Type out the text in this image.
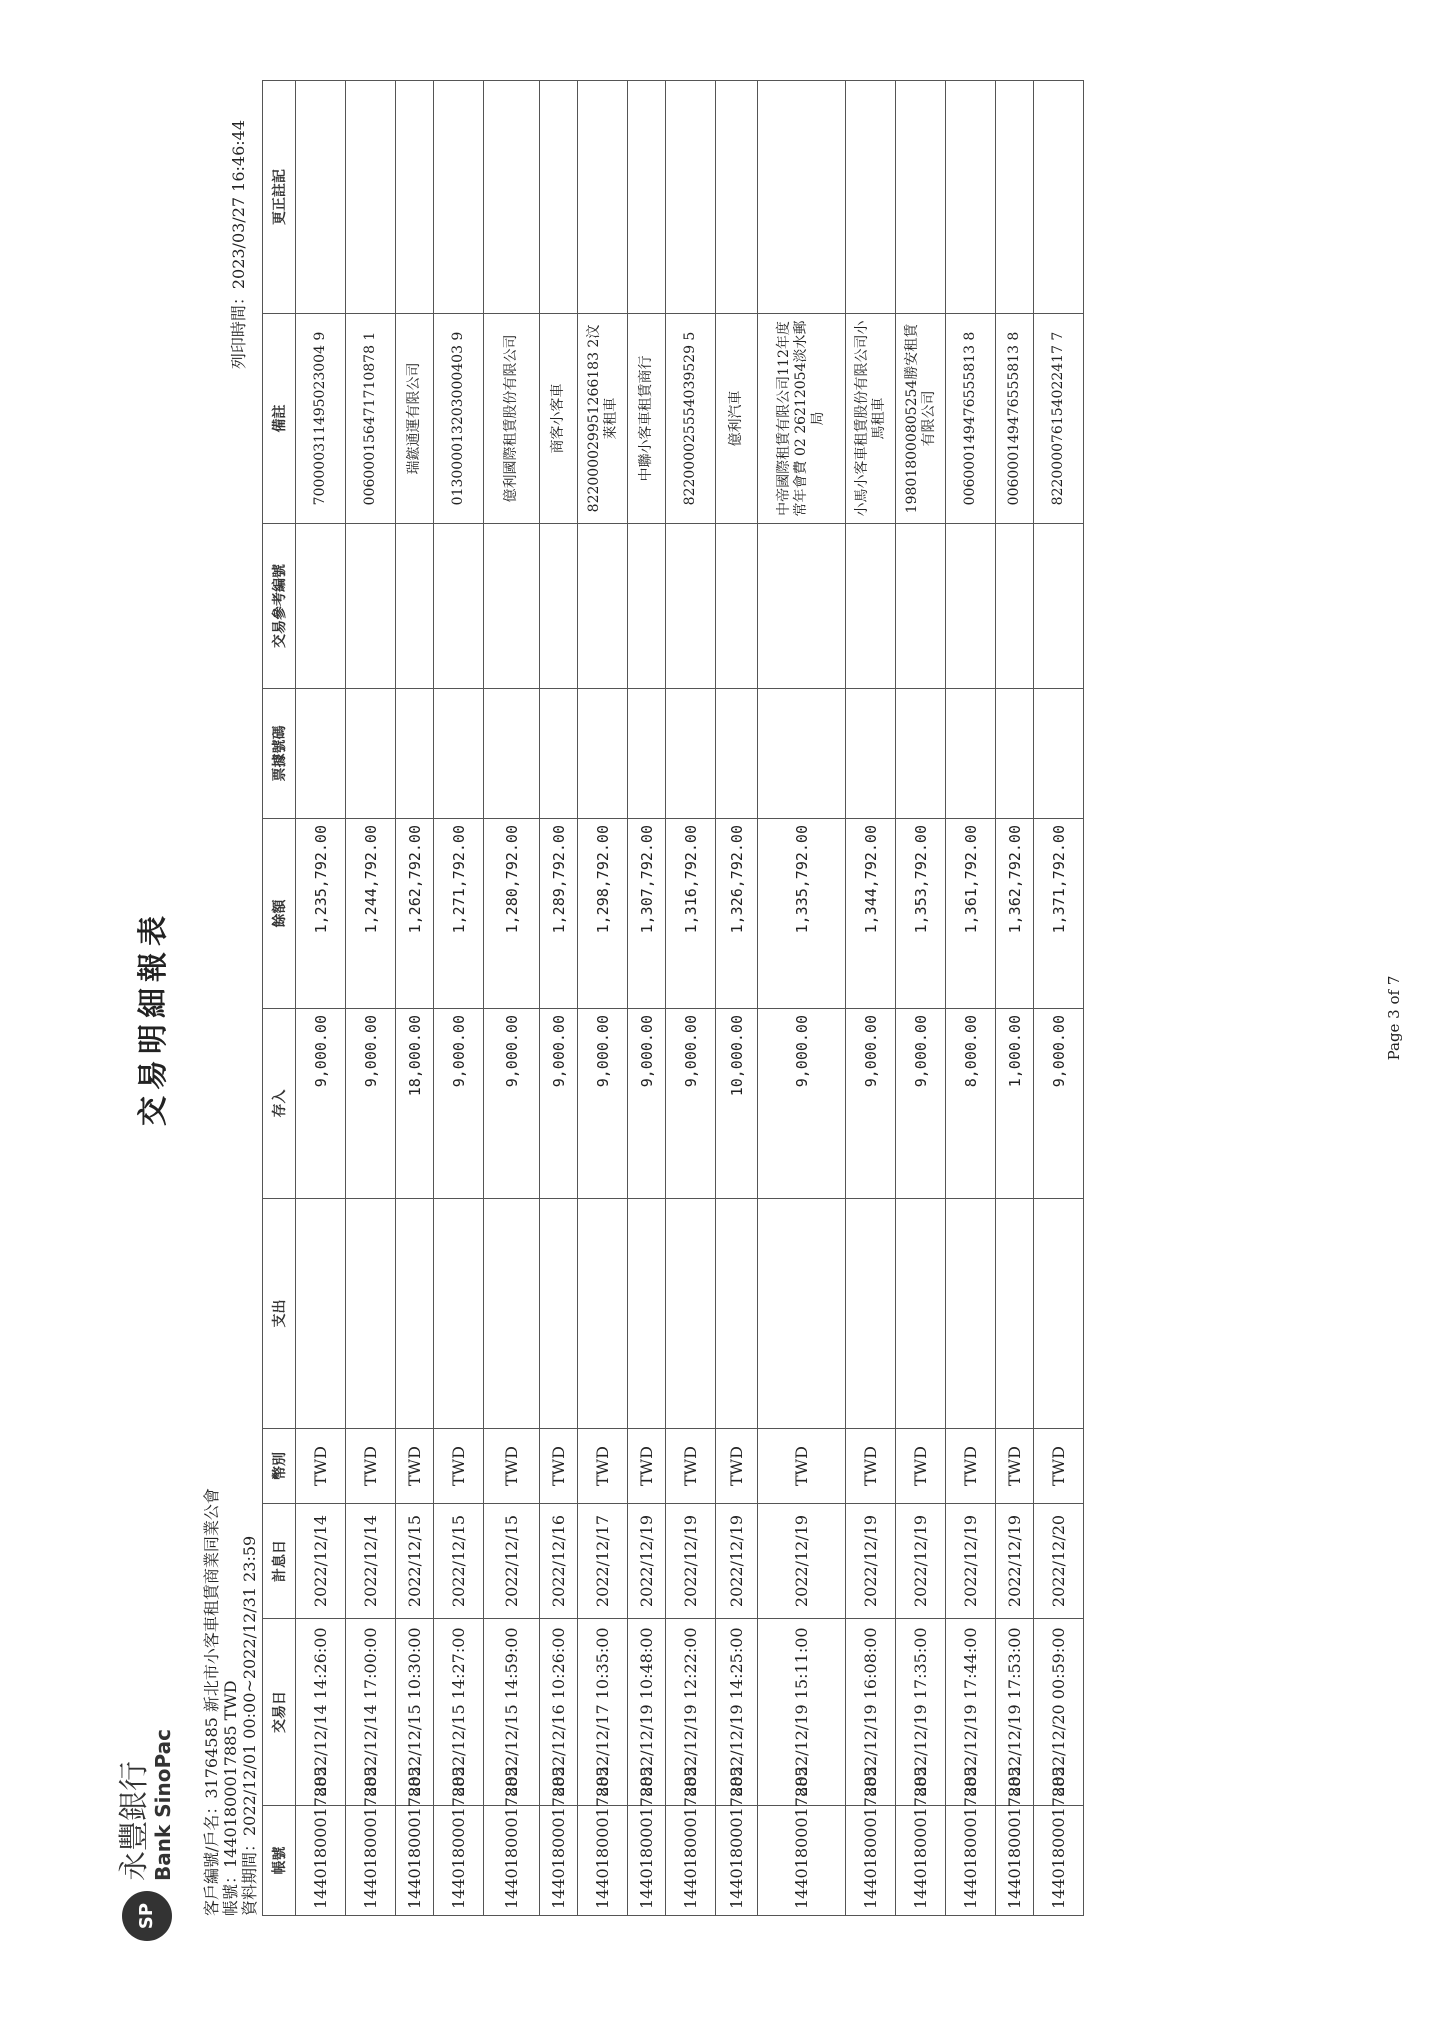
SP
永豐銀行 Bank SinoPac
交易明細報表
列印時間：2023/03/27 16:46:44
客戶編號/戶名：31764585 新北市小客車租賃商業同業公會 帳號：14401800017885 TWD 資料期間：2022/12/01 00:00~2022/12/31 23:59 帳號	交易日	計息日	幣別	支出	存入	餘額	票據號碼	交易參考編號	備註	更正註記
14401800017885	2022/12/14 14:26:00	2022/12/14	TWD		9,000.00	1,235,792.00			700000311495023004 9	
14401800017885	2022/12/14 17:00:00	2022/12/14	TWD		9,000.00	1,244,792.00			006000156471710878 1	
14401800017885	2022/12/15 10:30:00	2022/12/15	TWD		18,000.00	1,262,792.00			瑞鋐通運有限公司	
14401800017885	2022/12/15 14:27:00	2022/12/15	TWD		9,000.00	1,271,792.00			013000013203000403 9	
14401800017885	2022/12/15 14:59:00	2022/12/15	TWD		9,000.00	1,280,792.00			億利國際租賃股份有限公司	
14401800017885	2022/12/16 10:26:00	2022/12/16	TWD		9,000.00	1,289,792.00			商客小客車	
14401800017885	2022/12/17 10:35:00	2022/12/17	TWD		9,000.00	1,298,792.00			822000029951266183 2汶萊租車	
14401800017885	2022/12/19 10:48:00	2022/12/19	TWD		9,000.00	1,307,792.00			中聯小客車租賃商行	
14401800017885	2022/12/19 12:22:00	2022/12/19	TWD		9,000.00	1,316,792.00			822000025554039529 5	
14401800017885	2022/12/19 14:25:00	2022/12/19	TWD		10,000.00	1,326,792.00			億利汽車	
14401800017885	2022/12/19 15:11:00	2022/12/19	TWD		9,000.00	1,335,792.00			中帝國際租賃有限公司112年度常年會費 02 26212054淡水郵局	
14401800017885	2022/12/19 16:08:00	2022/12/19	TWD		9,000.00	1,344,792.00			小馬小客車租賃股份有限公司小馬租車	
14401800017885	2022/12/19 17:35:00	2022/12/19	TWD		9,000.00	1,353,792.00			198018000805254勝安租賃有限公司	
14401800017885	2022/12/19 17:44:00	2022/12/19	TWD		8,000.00	1,361,792.00			006000149476555813 8	
14401800017885	2022/12/19 17:53:00	2022/12/19	TWD		1,000.00	1,362,792.00			006000149476555813 8	
14401800017885	2022/12/20 00:59:00	2022/12/20	TWD		9,000.00	1,371,792.00			822000076154022417 7	
Page 3 of 7
